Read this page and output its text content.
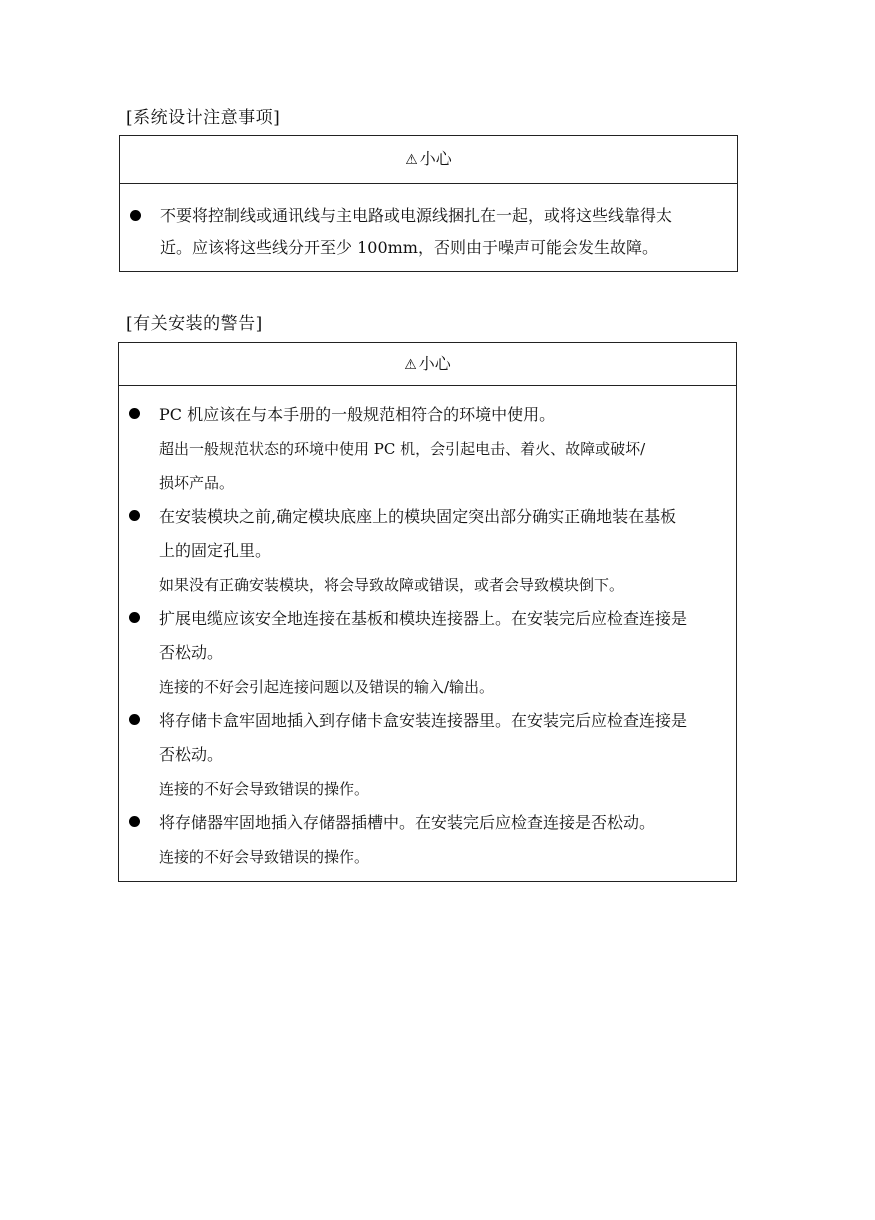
[系统设计注意事项]
⚠ 小心
不要将控制线或通讯线与主电路或电源线捆扎在一起，或将这些线靠得太
近。应该将这些线分开至少 100mm，否则由于噪声可能会发生故障。
[有关安装的警告]
⚠ 小心
PC 机应该在与本手册的一般规范相符合的环境中使用。
超出一般规范状态的环境中使用 PC 机，会引起电击、着火、故障或破坏/
损坏产品。
在安装模块之前,确定模块底座上的模块固定突出部分确实正确地装在基板
上的固定孔里。
如果没有正确安装模块，将会导致故障或错误，或者会导致模块倒下。
扩展电缆应该安全地连接在基板和模块连接器上。在安装完后应检查连接是
否松动。
连接的不好会引起连接问题以及错误的输入/输出。
将存储卡盒牢固地插入到存储卡盒安装连接器里。在安装完后应检查连接是
否松动。
连接的不好会导致错误的操作。
将存储器牢固地插入存储器插槽中。在安装完后应检查连接是否松动。
连接的不好会导致错误的操作。
